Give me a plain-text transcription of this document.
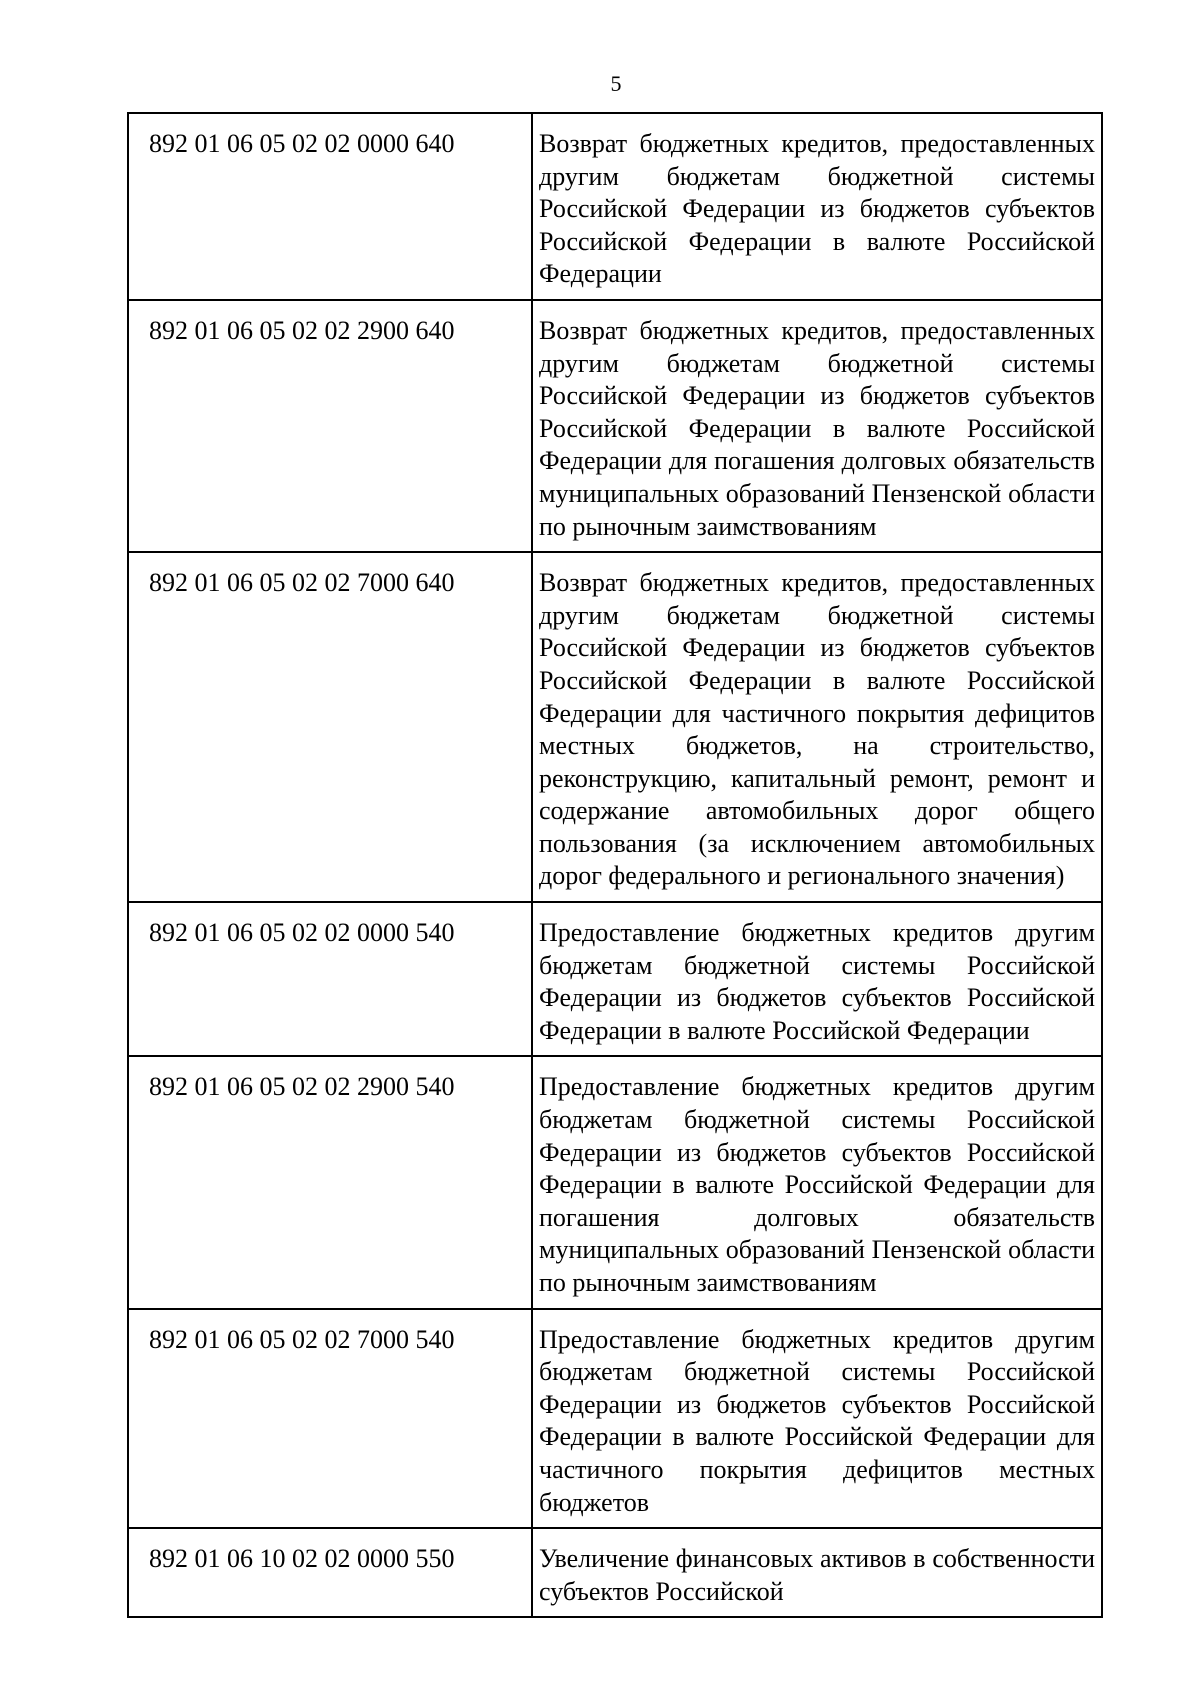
5
892 01 06 05 02 02 0000 640	Возврат бюджетных кредитов, предоставленных другим бюджетам бюджетной системы Российской Федерации из бюджетов субъектов Российской Федерации в валюте Российской Федерации
892 01 06 05 02 02 2900 640	Возврат бюджетных кредитов, предоставленных другим бюджетам бюджетной системы Российской Федерации из бюджетов субъектов Российской Федерации в валюте Российской Федерации для погашения долговых обязательств муниципальных образований Пензенской области по рыночным заимствованиям
892 01 06 05 02 02 7000 640	Возврат бюджетных кредитов, предоставленных другим бюджетам бюджетной системы Российской Федерации из бюджетов субъектов Российской Федерации в валюте Российской Федерации для частичного покрытия дефицитов местных бюджетов, на строительство, реконструкцию, капитальный ремонт, ремонт и содержание автомобильных дорог общего пользования (за исключением автомобильных дорог федерального и регионального значения)
892 01 06 05 02 02 0000 540	Предоставление бюджетных кредитов другим бюджетам бюджетной системы Российской Федерации из бюджетов субъектов Российской Федерации в валюте Российской Федерации
892 01 06 05 02 02 2900 540	Предоставление бюджетных кредитов другим бюджетам бюджетной системы Российской Федерации из бюджетов субъектов Российской Федерации в валюте Российской Федерации для погашения долговых обязательств муниципальных образований Пензенской области по рыночным заимствованиям
892 01 06 05 02 02 7000 540	Предоставление бюджетных кредитов другим бюджетам бюджетной системы Российской Федерации из бюджетов субъектов Российской Федерации в валюте Российской Федерации для частичного покрытия дефицитов местных бюджетов
892 01 06 10 02 02 0000 550	Увеличение финансовых активов в собственности субъектов Российской
